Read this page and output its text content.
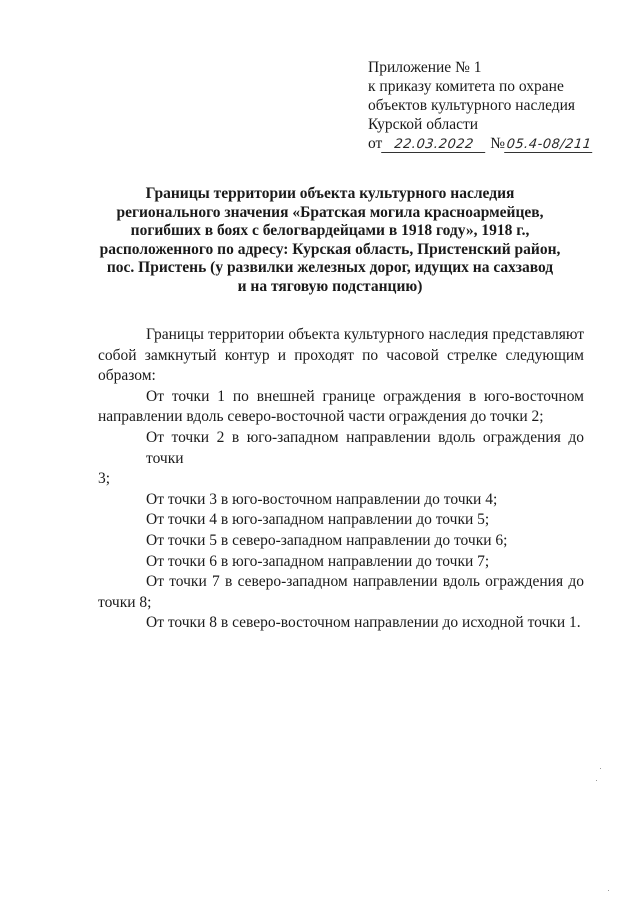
Приложение № 1
к приказу комитета по охране
объектов культурного наследия
Курской области
от 22.03.2022 №05.4-08/211
Границы территории объекта культурного наследия
регионального значения «Братская могила красноармейцев,
погибших в боях с белогвардейцами в 1918 году», 1918 г.,
расположенного по адресу: Курская область, Пристенский район,
пос. Пристень (у развилки железных дорог, идущих на сахзавод
и на тяговую подстанцию)
Границы территории объекта культурного наследия представляют
собой замкнутый контур и проходят по часовой стрелке следующим
образом:
От точки 1 по внешней границе ограждения в юго-восточном
направлении вдоль северо-восточной части ограждения до точки 2;
От точки 2 в юго-западном направлении вдоль ограждения до точки
3;
От точки 3 в юго-восточном направлении до точки 4;
От точки 4 в юго-западном направлении до точки 5;
От точки 5 в северо-западном направлении до точки 6;
От точки 6 в юго-западном направлении до точки 7;
От точки 7 в северо-западном направлении вдоль ограждения до
точки 8;
От точки 8 в северо-восточном направлении до исходной точки 1.
